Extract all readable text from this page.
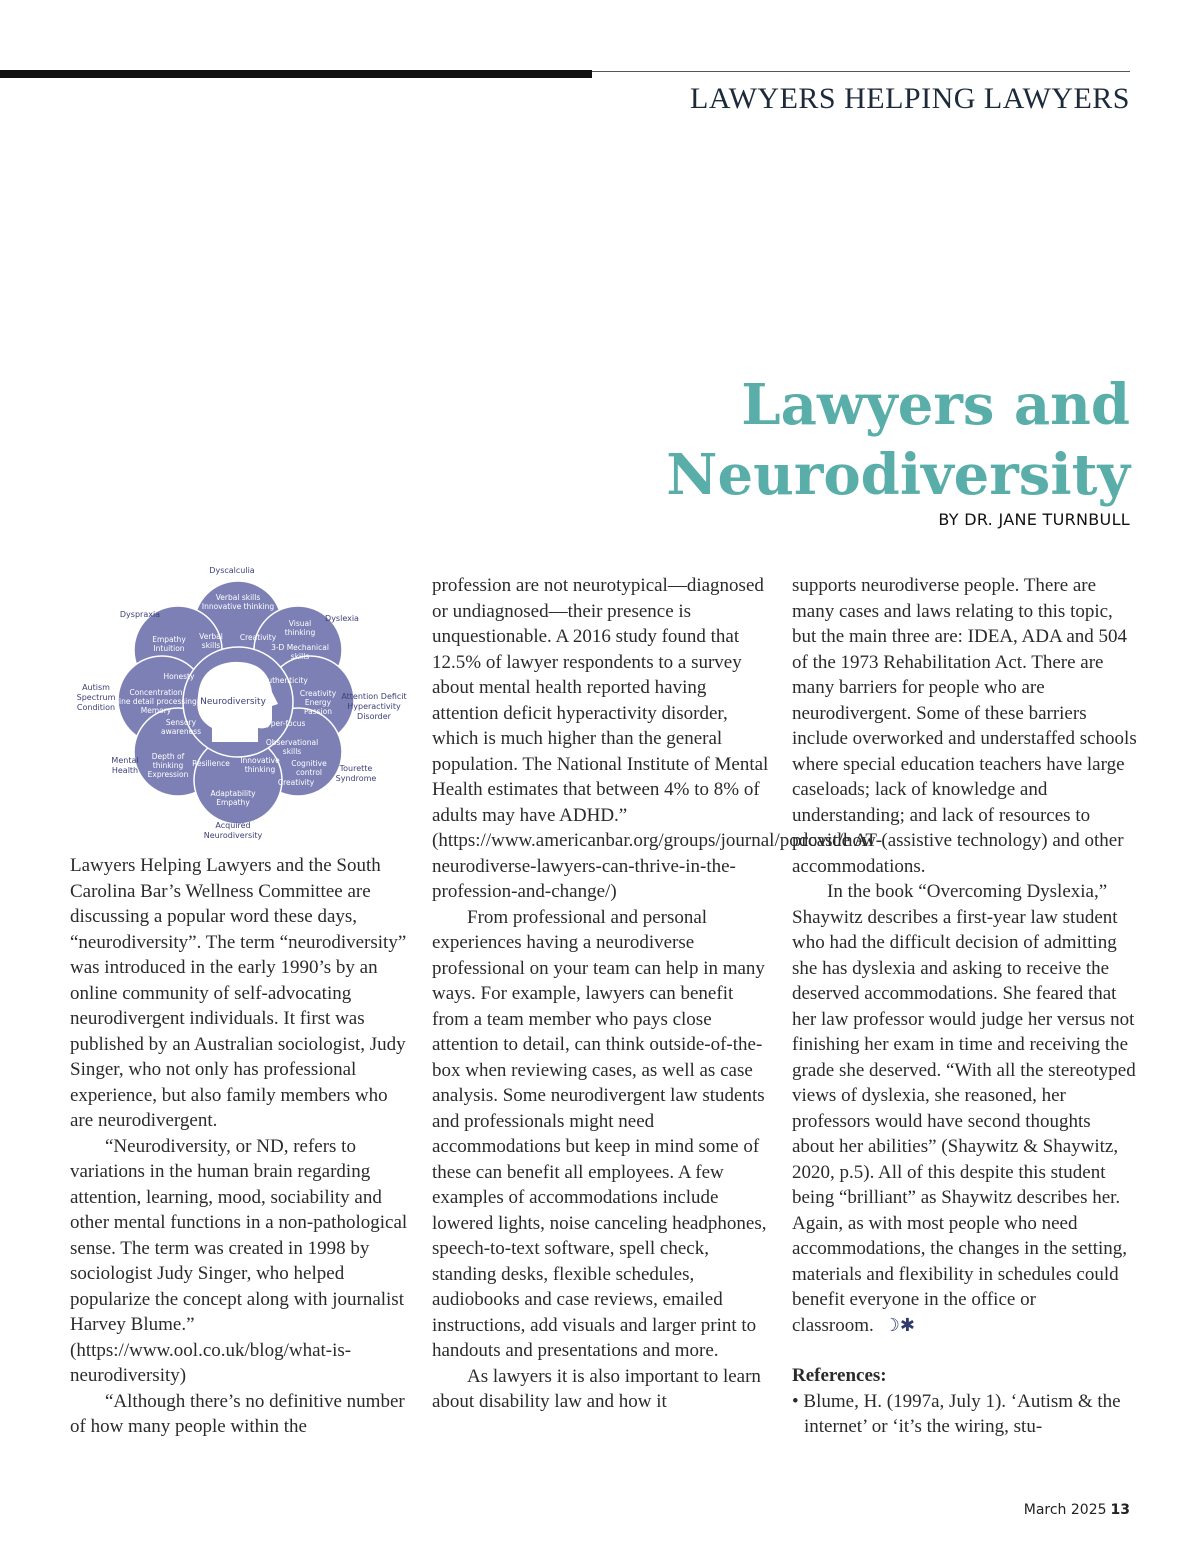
LAWYERS HELPING LAWYERS
Lawyers and
Neurodiversity
BY DR. JANE TURNBULL
Verbal skills
Innovative thinking
Visual
thinking
3-D Mechanical
skills
Empathy
Intuition
Verbal
skills
Creativity
Honesty	Authenticity
Concentration
Fine detail processing
Memory
Creativity
Energy
Passion
Sensory
awareness
Hyper-focus
Observational
skills
Depth of
thinking
Expression
Resilience Innovative
thinking
Cognitive
control
Creativity
Adaptability
Empathy
Neurodiversity
Dyscalculia
Dyspraxia	Dyslexia
Autism
Spectrum
Condition
Attention Deficit
Hyperactivity
Disorder
Mental
Health	Tourette
Syndrome
Acquired
Neurodiversity

Lawyers Helping Lawyers and the South Carolina Bar’s Wellness Committee are discussing a popular word these days, “neurodiversity”. The term “neurodiversity” was introduced in the early 1990’s by an online community of self-advocating neurodivergent individuals. It first was published by an Australian sociologist, Judy Singer, who not only has professional experience, but also family members who are neurodivergent.

“Neurodiversity, or ND, refers to variations in the human brain regarding attention, learning, mood, sociability and other mental functions in a non-pathological sense. The term was created in 1998 by sociologist Judy Singer, who helped popularize the concept along with journalist Harvey Blume.” (https://www.ool.co.uk/blog/what-is-neurodiversity)

“Although there’s no definitive number of how many people within the

profession are not neurotypical—diagnosed or undiagnosed—their presence is unquestionable. A 2016 study found that 12.5% of lawyer respondents to a survey about mental health reported having attention deficit hyperactivity disorder, which is much higher than the general population. The National Institute of Mental Health estimates that between 4% to 8% of adults may have ADHD.” (https://www.americanbar.org/groups/journal/podcast/how-neurodiverse-lawyers-can-thrive-in-the-profession-and-change/)

From professional and personal experiences having a neurodiverse professional on your team can help in many ways. For example, lawyers can benefit from a team member who pays close attention to detail, can think outside-of-the-box when reviewing cases, as well as case analysis. Some neurodivergent law students and professionals might need accommodations but keep in mind some of these can benefit all employees. A few examples of accommodations include lowered lights, noise canceling headphones, speech-to-text software, spell check, standing desks, flexible schedules, audiobooks and case reviews, emailed instructions, add visuals and larger print to handouts and presentations and more.

As lawyers it is also important to learn about disability law and how it

supports neurodiverse people. There are many cases and laws relating to this topic, but the main three are: IDEA, ADA and 504 of the 1973 Rehabilitation Act. There are many barriers for people who are neurodivergent. Some of these barriers include overworked and understaffed schools where special education teachers have large caseloads; lack of knowledge and understanding; and lack of resources to provide AT (assistive technology) and other accommodations.

In the book “Overcoming Dyslexia,” Shaywitz describes a first-year law student who had the difficult decision of admitting she has dyslexia and asking to receive the deserved accommodations. She feared that her law professor would judge her versus not finishing her exam in time and receiving the grade she deserved. “With all the stereotyped views of dyslexia, she reasoned, her professors would have second thoughts about her abilities” (Shaywitz & Shaywitz, 2020, p.5). All of this despite this student being “brilliant” as Shaywitz describes her. Again, as with most people who need accommodations, the changes in the setting, materials and flexibility in schedules could benefit everyone in the office or classroom. ☽✱

References:

• Blume, H. (1997a, July 1). ‘Autism & the internet’ or ‘it’s the wiring, stu-

March 2025 13
